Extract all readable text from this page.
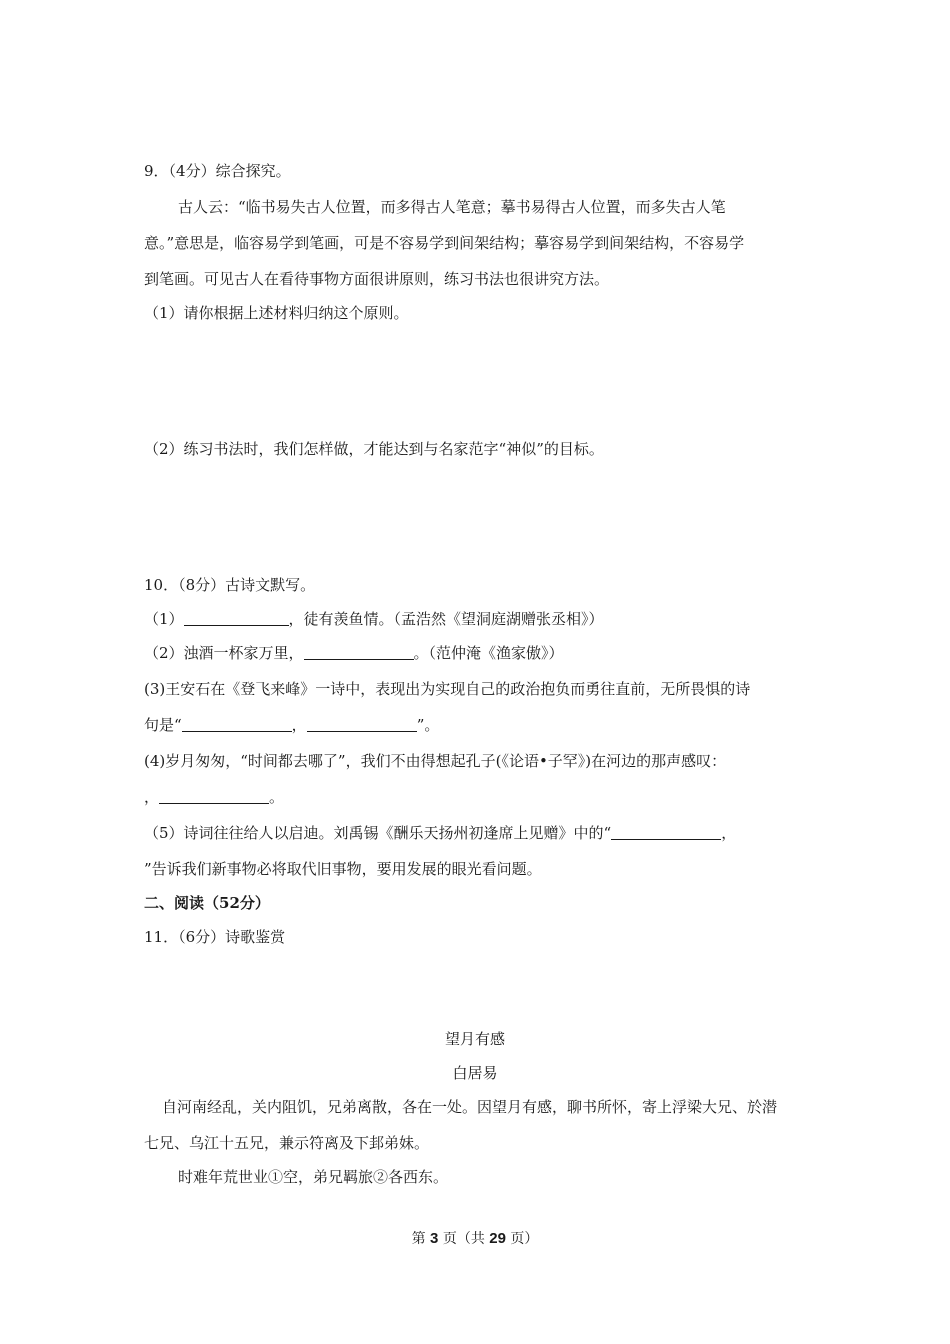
9．（4分）综合探究。
古人云：“临书易失古人位置，而多得古人笔意；摹书易得古人位置，而多失古人笔
意。”意思是，临容易学到笔画，可是不容易学到间架结构；摹容易学到间架结构，不容易学
到笔画。可见古人在看待事物方面很讲原则，练习书法也很讲究方法。
（1）请你根据上述材料归纳这个原则。
（2）练习书法时，我们怎样做，才能达到与名家范字“神似”的目标。
10．（8分）古诗文默写。
（1）	，徒有羡鱼情。（孟浩然《望洞庭湖赠张丞相》）
（2）浊酒一杯家万里，	。（范仲淹《渔家傲》）
(3)王安石在《登飞来峰》一诗中，表现出为实现自己的政治抱负而勇往直前，无所畏惧的诗
句是“	，	”。
(4)岁月匆匆，“时间都去哪了”，我们不由得想起孔子(《论语•子罕》)在河边的那声感叹：
，	。
（5）诗词往往给人以启迪。刘禹锡《酬乐天扬州初逢席上见赠》中的“	，
”告诉我们新事物必将取代旧事物，要用发展的眼光看问题。
二、阅读（52分）
11．（6分）诗歌鉴赏
望月有感
白居易
自河南经乱，关内阻饥，兄弟离散，各在一处。因望月有感，聊书所怀，寄上浮梁大兄、於潜
七兄、乌江十五兄，兼示符离及下邽弟妹。
时难年荒世业①空，弟兄羁旅②各西东。
第 3 页（共 29 页）
